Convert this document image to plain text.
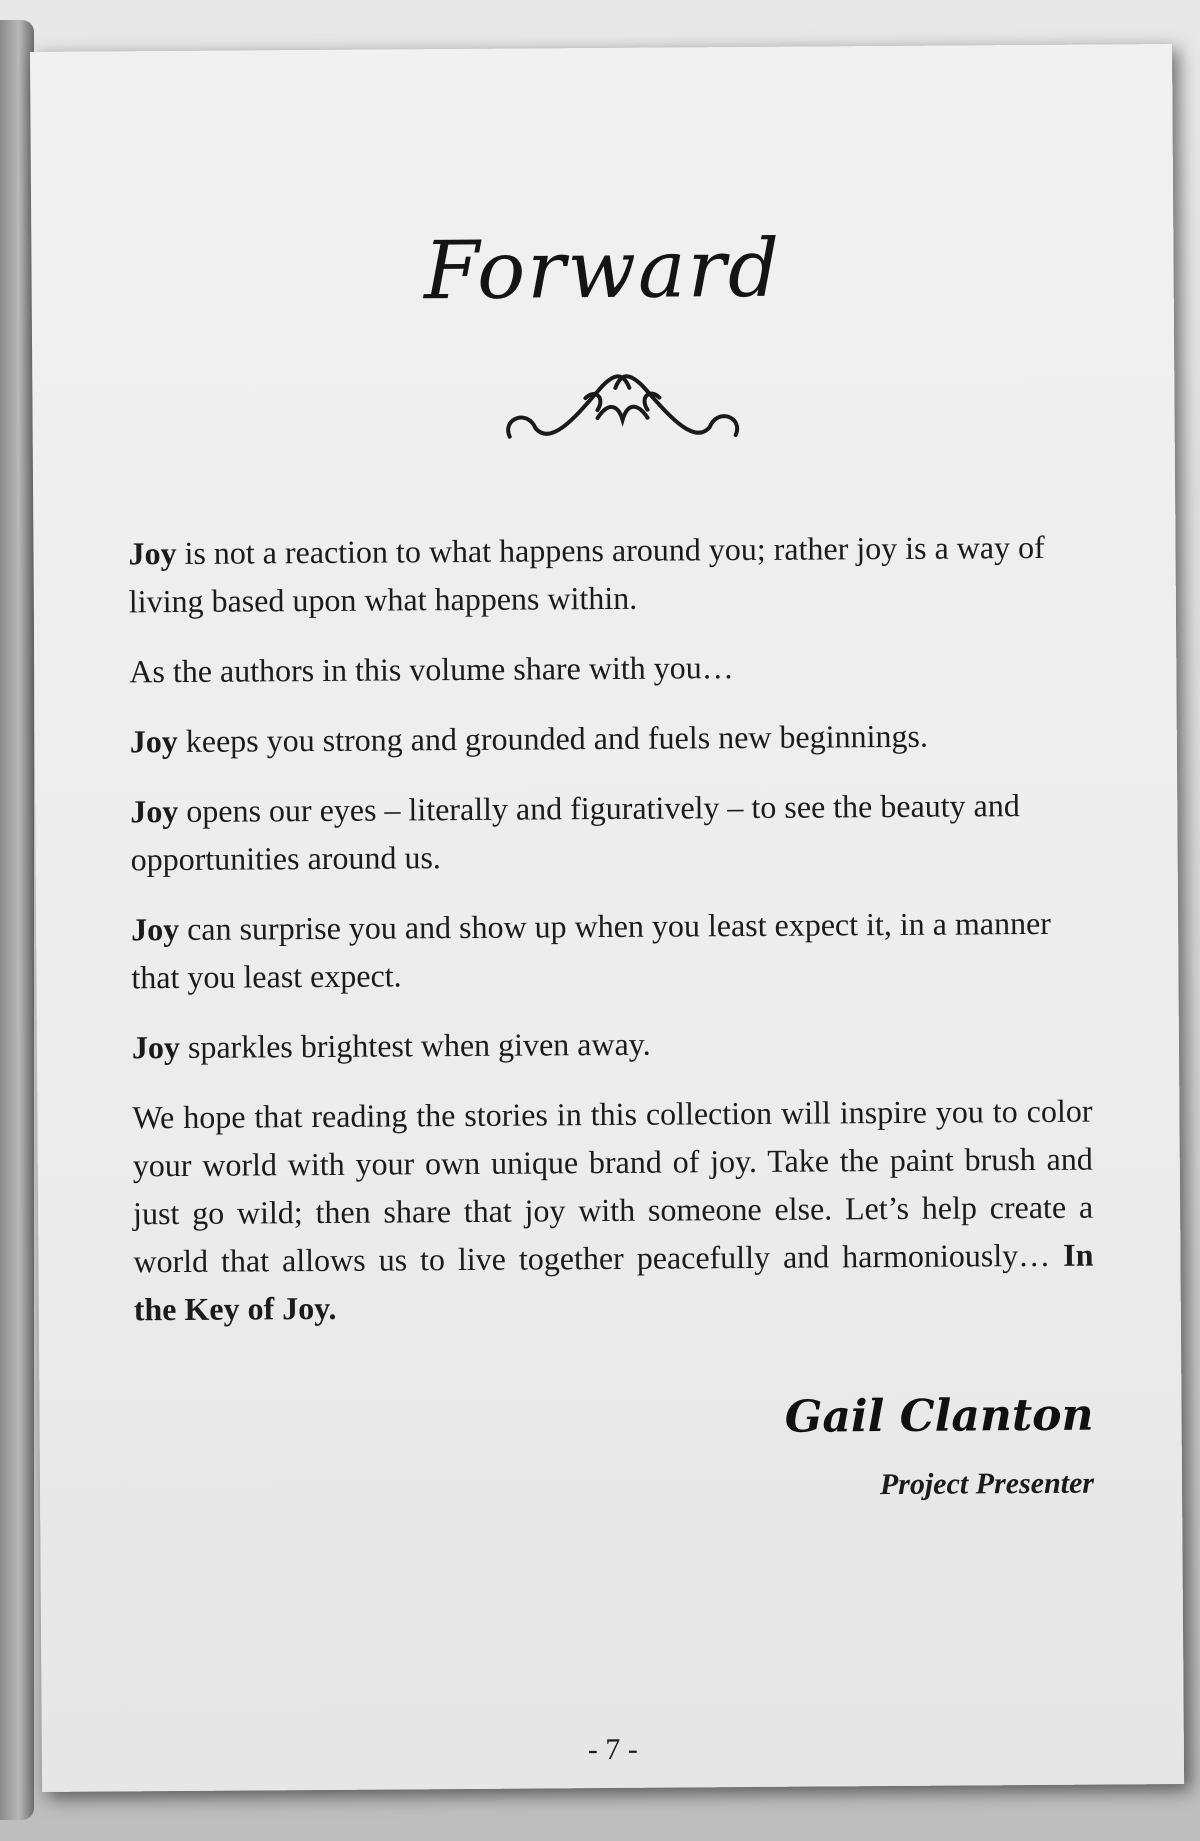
Forward

Joy is not a reaction to what happens around you; rather joy is a way of living based upon what happens within.

As the authors in this volume share with you…

Joy keeps you strong and grounded and fuels new beginnings.

Joy opens our eyes – literally and figuratively – to see the beauty and opportunities around us.

Joy can surprise you and show up when you least expect it, in a manner that you least expect.

Joy sparkles brightest when given away.

We hope that reading the stories in this collection will inspire you to color your world with your own unique brand of joy. Take the paint brush and just go wild; then share that joy with someone else. Let’s help create a world that allows us to live together peacefully and harmoniously… In the Key of Joy.

Gail Clanton
Project Presenter
- 7 -
